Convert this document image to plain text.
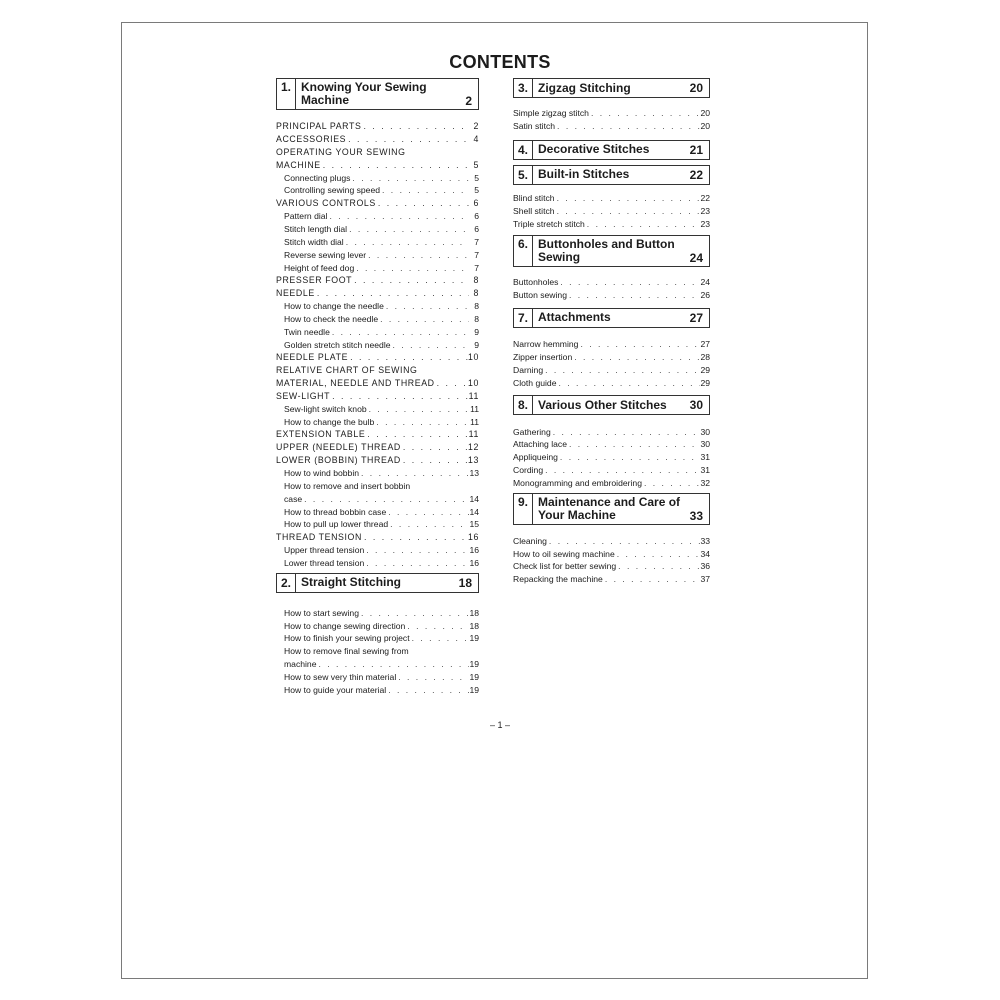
CONTENTS
1. Knowing Your Sewing Machine	2
PRINCIPAL PARTS . . .	2
ACCESSORIES . . .	4
OPERATING YOUR SEWING
MACHINE . . .	5
Connecting plugs . . .	5
Controlling sewing speed . . .	5
VARIOUS CONTROLS . . .	6
Pattern dial . . .	6
Stitch length dial . . .	6
Stitch width dial . . .	7
Reverse sewing lever . . .	7
Height of feed dog . . .	7
PRESSER FOOT . . .	8
NEEDLE . . .	8
How to change the needle . . .	8
How to check the needle . . .	8
Twin needle . . .	9
Golden stretch stitch needle . . .	9
NEEDLE PLATE . . .	10
RELATIVE CHART OF SEWING
MATERIAL, NEEDLE AND THREAD . . .	10
SEW-LIGHT . . .	11
Sew-light switch knob . . .	11
How to change the bulb . . .	11
EXTENSION TABLE . . .	11
UPPER (NEEDLE) THREAD . . .	12
LOWER (BOBBIN) THREAD . . .	13
How to wind bobbin . . .	13
How to remove and insert bobbin
case . . .	14
How to thread bobbin case . . .	14
How to pull up lower thread . . .	15
THREAD TENSION . . .	16
Upper thread tension . . .	16
Lower thread tension . . .	16
2. Straight Stitching	18
How to start sewing . . .	18
How to change sewing direction . . .	18
How to finish your sewing project . . .	19
How to remove final sewing from
machine . . .	19
How to sew very thin material . . .	19
How to guide your material . . .	19
3. Zigzag Stitching	20
Simple zigzag stitch . . .	20
Satin stitch . . .	20
4. Decorative Stitches	21
5. Built-in Stitches	22
Blind stitch . . .	22
Shell stitch . . .	23
Triple stretch stitch . . .	23
6. Buttonholes and Button Sewing	24
Buttonholes . . .	24
Button sewing . . .	26
7. Attachments	27
Narrow hemming . . .	27
Zipper insertion . . .	28
Darning . . .	29
Cloth guide . . .	29
8. Various Other Stitches	30
Gathering . . .	30
Attaching lace . . .	30
Appliqueing . . .	31
Cording . . .	31
Monogramming and embroidering . . .	32
9. Maintenance and Care of Your Machine	33
Cleaning . . .	33
How to oil sewing machine . . .	34
Check list for better sewing . . .	36
Repacking the machine . . .	37
– 1 –
